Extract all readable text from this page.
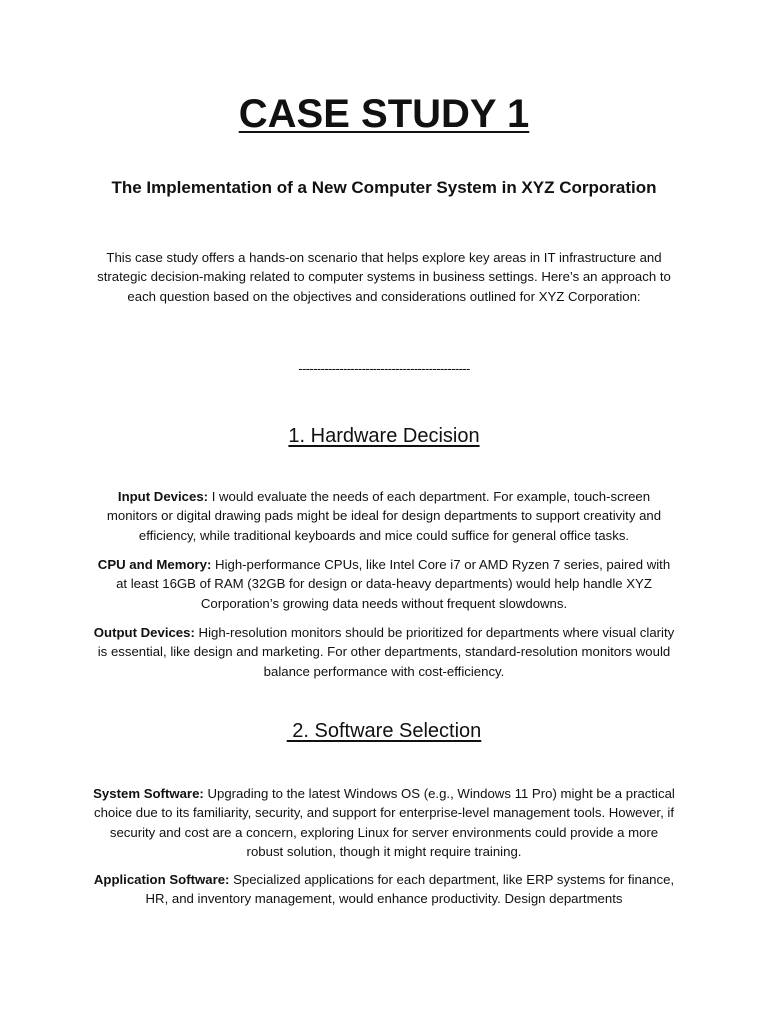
CASE STUDY 1
The Implementation of a New Computer System in XYZ Corporation
This case study offers a hands-on scenario that helps explore key areas in IT infrastructure and strategic decision-making related to computer systems in business settings. Here’s an approach to each question based on the objectives and considerations outlined for XYZ Corporation:
----------------------------------------------
1. Hardware Decision
Input Devices: I would evaluate the needs of each department. For example, touch-screen monitors or digital drawing pads might be ideal for design departments to support creativity and efficiency, while traditional keyboards and mice could suffice for general office tasks.
CPU and Memory: High-performance CPUs, like Intel Core i7 or AMD Ryzen 7 series, paired with at least 16GB of RAM (32GB for design or data-heavy departments) would help handle XYZ Corporation’s growing data needs without frequent slowdowns.
Output Devices: High-resolution monitors should be prioritized for departments where visual clarity is essential, like design and marketing. For other departments, standard-resolution monitors would balance performance with cost-efficiency.
2. Software Selection
System Software: Upgrading to the latest Windows OS (e.g., Windows 11 Pro) might be a practical choice due to its familiarity, security, and support for enterprise-level management tools. However, if security and cost are a concern, exploring Linux for server environments could provide a more robust solution, though it might require training.
Application Software: Specialized applications for each department, like ERP systems for finance, HR, and inventory management, would enhance productivity. Design departments
